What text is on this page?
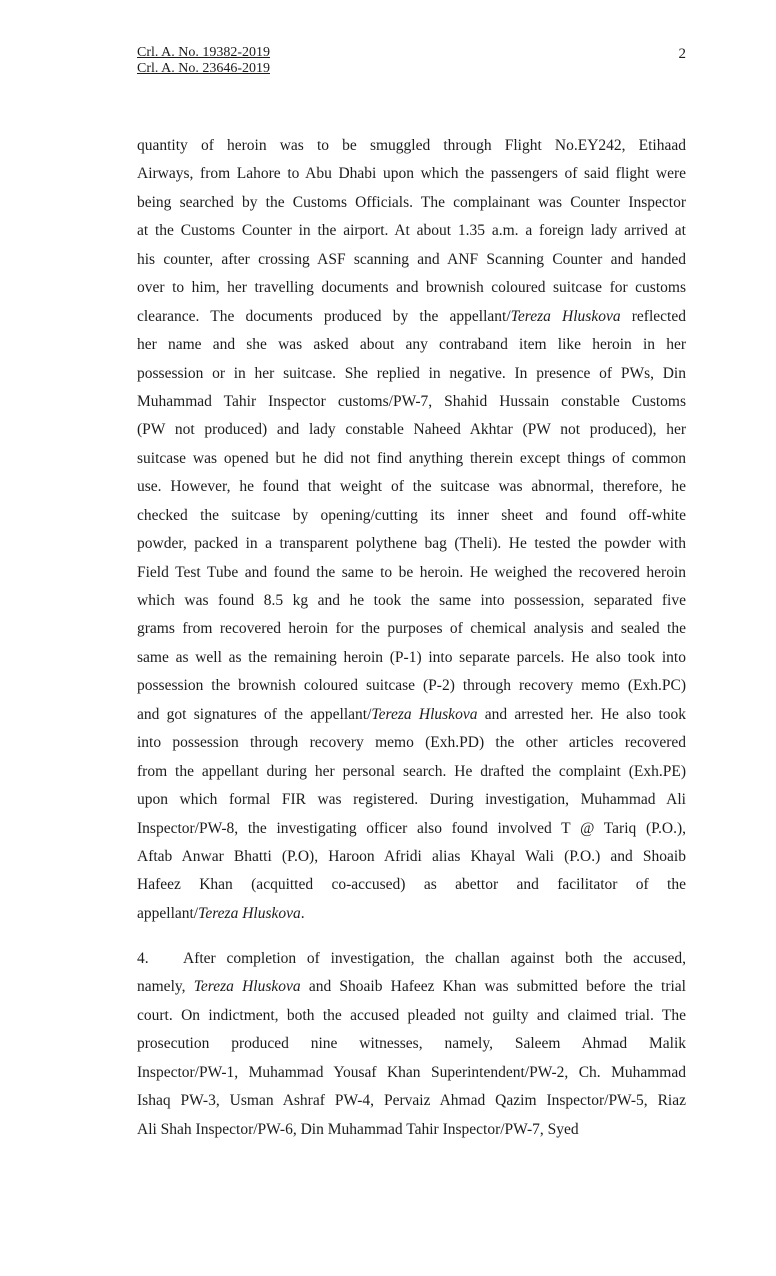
Crl. A. No. 19382-2019
Crl. A. No. 23646-2019
2
quantity of heroin was to be smuggled through Flight No.EY242, Etihaad
Airways, from Lahore to Abu Dhabi upon which the passengers of said flight were
being searched by the Customs Officials. The complainant was Counter Inspector
at the Customs Counter in the airport. At about 1.35 a.m. a foreign lady arrived at
his counter, after crossing ASF scanning and ANF Scanning Counter and handed
over to him, her travelling documents and brownish coloured suitcase for customs
clearance. The documents produced by the appellant/Tereza Hluskova reflected
her name and she was asked about any contraband item like heroin in her
possession or in her suitcase. She replied in negative. In presence of PWs, Din
Muhammad Tahir Inspector customs/PW-7, Shahid Hussain constable Customs
(PW not produced) and lady constable Naheed Akhtar (PW not produced), her
suitcase was opened but he did not find anything therein except things of common
use. However, he found that weight of the suitcase was abnormal, therefore, he
checked the suitcase by opening/cutting its inner sheet and found off-white
powder, packed in a transparent polythene bag (Theli). He tested the powder with
Field Test Tube and found the same to be heroin. He weighed the recovered heroin
which was found 8.5 kg and he took the same into possession, separated five
grams from recovered heroin for the purposes of chemical analysis and sealed the
same as well as the remaining heroin (P-1) into separate parcels. He also took into
possession the brownish coloured suitcase (P-2) through recovery memo (Exh.PC)
and got signatures of the appellant/Tereza Hluskova and arrested her. He also took
into possession through recovery memo (Exh.PD) the other articles recovered
from the appellant during her personal search. He drafted the complaint (Exh.PE)
upon which formal FIR was registered. During investigation, Muhammad Ali
Inspector/PW-8, the investigating officer also found involved T @ Tariq (P.O.),
Aftab Anwar Bhatti (P.O), Haroon Afridi alias Khayal Wali (P.O.) and Shoaib
Hafeez Khan (acquitted co-accused) as abettor and facilitator of the
appellant/Tereza Hluskova.
4. After completion of investigation, the challan against both the accused,
namely, Tereza Hluskova and Shoaib Hafeez Khan was submitted before the trial
court. On indictment, both the accused pleaded not guilty and claimed trial. The
prosecution produced nine witnesses, namely, Saleem Ahmad Malik
Inspector/PW-1, Muhammad Yousaf Khan Superintendent/PW-2, Ch. Muhammad
Ishaq PW-3, Usman Ashraf PW-4, Pervaiz Ahmad Qazim Inspector/PW-5, Riaz
Ali Shah Inspector/PW-6, Din Muhammad Tahir Inspector/PW-7, Syed
